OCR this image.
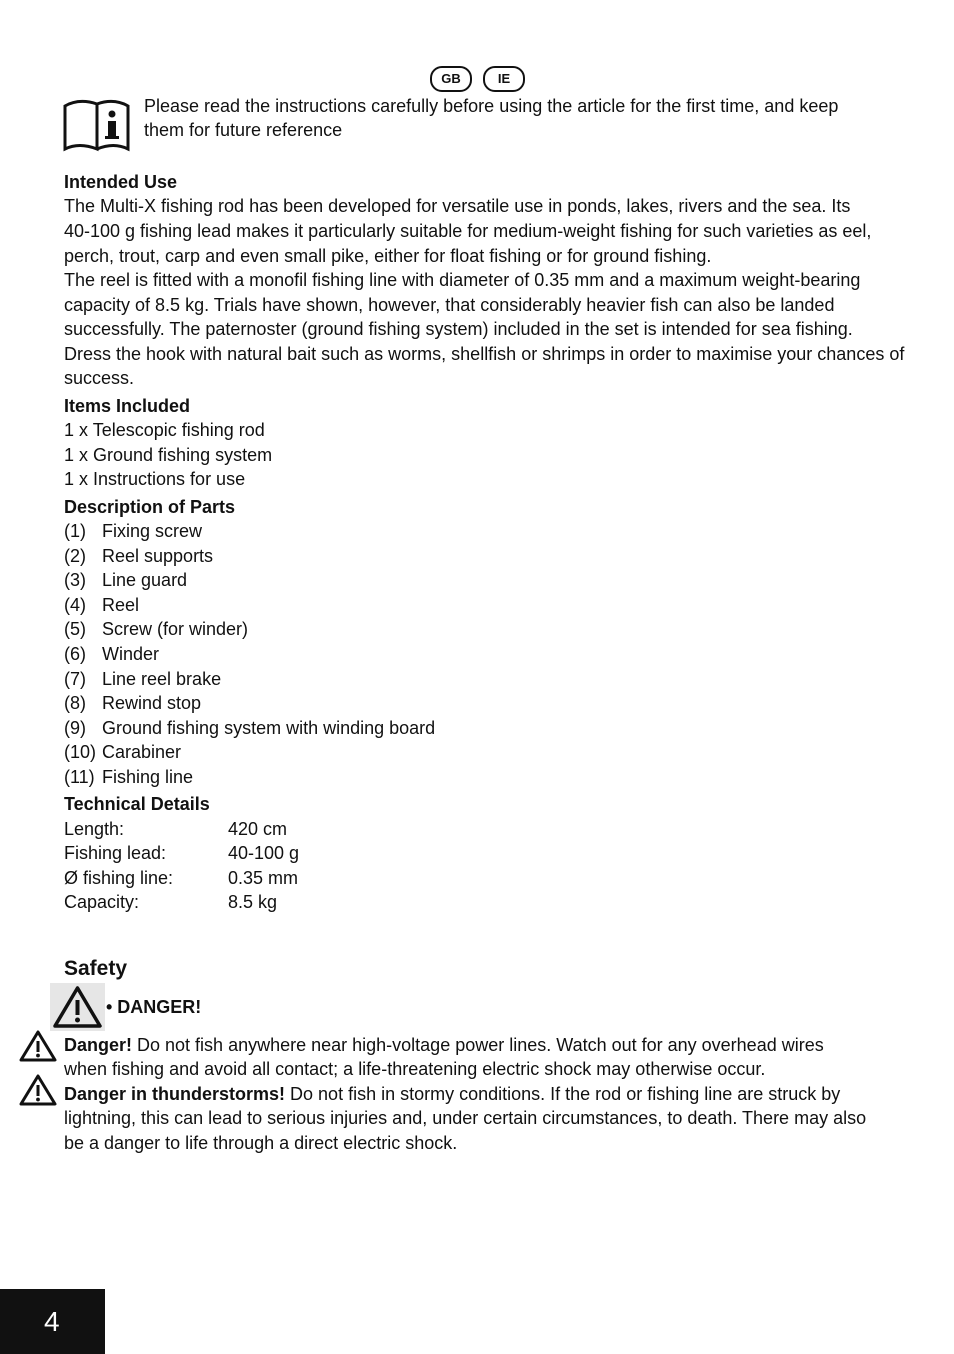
GB	IE
Please read the instructions carefully before using the article for the first time, and keep
them for future reference
Intended Use
The Multi-X fishing rod has been developed for versatile use in ponds, lakes, rivers and the sea. Its
40-100 g fishing lead makes it particularly suitable for medium-weight fishing for such varieties as eel,
perch, trout, carp and even small pike, either for float fishing or for ground fishing.
The reel is fitted with a monofil fishing line with diameter of 0.35 mm and a maximum weight-bearing
capacity of 8.5 kg. Trials have shown, however, that considerably heavier fish can also be landed
successfully. The paternoster (ground fishing system) included in the set is intended for sea fishing.
Dress the hook with natural bait such as worms, shellfish or shrimps in order to maximise your chances of
success.
Items Included
1 x Telescopic fishing rod
1 x Ground fishing system
1 x Instructions for use
Description of Parts
(1) Fixing screw
(2) Reel supports
(3) Line guard
(4) Reel
(5) Screw (for winder)
(6) Winder
(7) Line reel brake
(8) Rewind stop
(9) Ground fishing system with winding board
(10) Carabiner
(11) Fishing line
Technical Details
Length:	420 cm
Fishing lead:	40-100 g
Ø fishing line:	0.35 mm
Capacity:	8.5 kg
Safety
• DANGER!
Danger! Do not fish anywhere near high-voltage power lines. Watch out for any overhead wires
when fishing and avoid all contact; a life-threatening electric shock may otherwise occur.
Danger in thunderstorms! Do not fish in stormy conditions. If the rod or fishing line are struck by
lightning, this can lead to serious injuries and, under certain circumstances, to death. There may also
be a danger to life through a direct electric shock.
4
